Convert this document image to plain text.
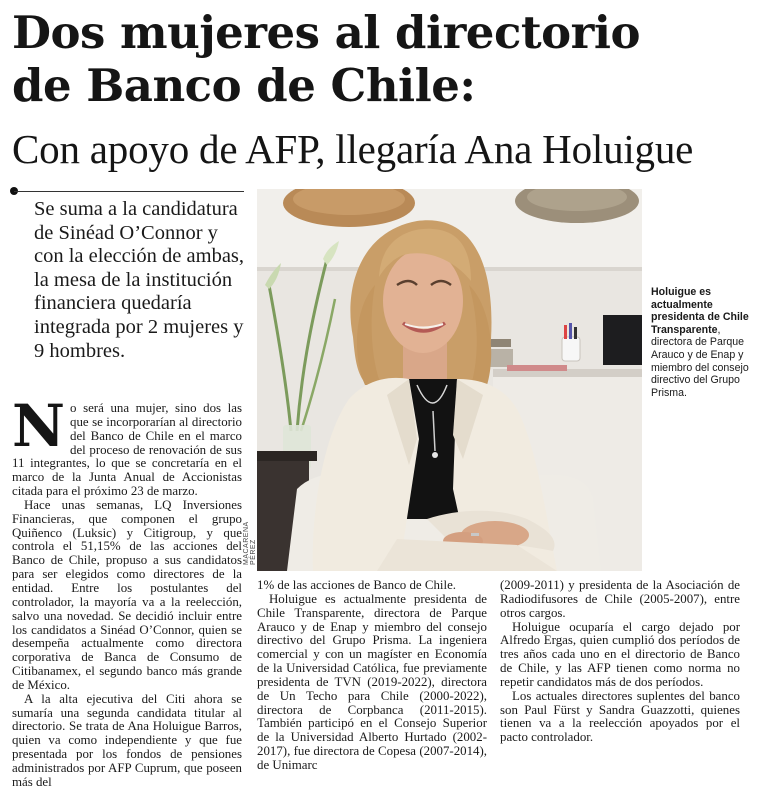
Dos mujeres al directorio
de Banco de Chile:
Con apoyo de AFP, llegaría Ana Holuigue

Se suma a la candidatura de Sinéad O’Connor y con la elección de ambas, la mesa de la institución financiera quedaría integrada por 2 mujeres y 9 hombres.

MACARENA PÉREZ

Holuigue es actualmente presidenta de Chile Transparente, directora de Parque Arauco y de Enap y miembro del consejo directivo del Grupo Prisma.

No será una mujer, sino dos las que se incorporarían al directorio del Banco de Chile en el marco del proceso de renovación de sus 11 integrantes, lo que se concretaría en el marco de la Junta Anual de Accionistas citada para el próximo 23 de marzo.

Hace unas semanas, LQ Inversiones Financieras, que componen el grupo Quiñenco (Luksic) y Citigroup, y que controla el 51,15% de las acciones del Banco de Chile, propuso a sus candidatos para ser elegidos como directores de la entidad. Entre los postulantes del controlador, la mayoría va a la reelección, salvo una novedad. Se decidió incluir entre los candidatos a Sinéad O’Connor, quien se desempeña actualmente como directora corporativa de Banca de Consumo de Citibanamex, el segundo banco más grande de México.

A la alta ejecutiva del Citi ahora se sumaría una segunda candidata titular al directorio. Se trata de Ana Holuigue Barros, quien va como independiente y que fue presentada por los fondos de pensiones administrados por AFP Cuprum, que poseen más del

1% de las acciones de Banco de Chile.

Holuigue es actualmente presidenta de Chile Transparente, directora de Parque Arauco y de Enap y miembro del consejo directivo del Grupo Prisma. La ingeniera comercial y con un magíster en Economía de la Universidad Católica, fue previamente presidenta de TVN (2019-2022), directora de Un Techo para Chile (2000-2022), directora de Corpbanca (2011-2015). También participó en el Consejo Superior de la Universidad Alberto Hurtado (2002-2017), fue directora de Copesa (2007-2014), de Unimarc

(2009-2011) y presidenta de la Asociación de Radiodifusores de Chile (2005-2007), entre otros cargos.

Holuigue ocuparía el cargo dejado por Alfredo Ergas, quien cumplió dos períodos de tres años cada uno en el directorio de Banco de Chile, y las AFP tienen como norma no repetir candidatos más de dos períodos.

Los actuales directores suplentes del banco son Paul Fürst y Sandra Guazzotti, quienes tienen va a la reelección apoyados por el pacto controlador.
